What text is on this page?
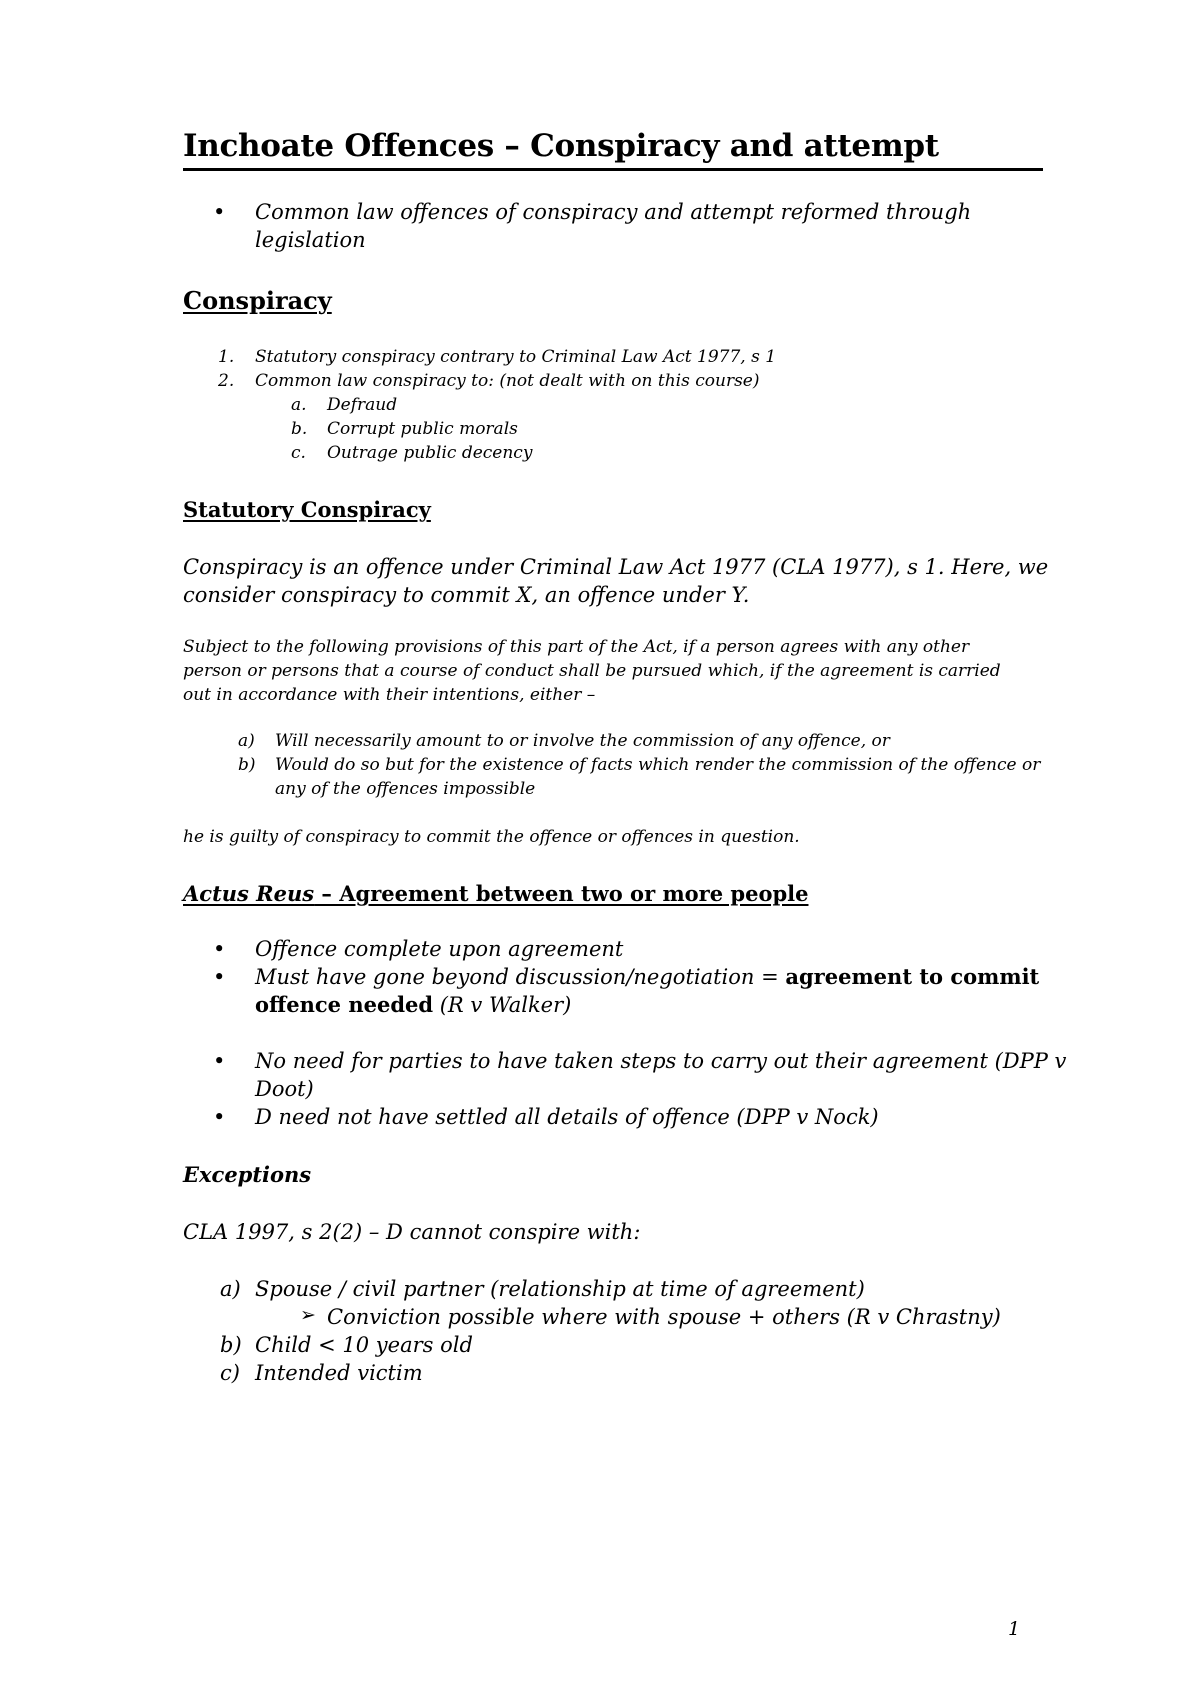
Inchoate Offences – Conspiracy and attempt
• Common law offences of conspiracy and attempt reformed through legislation
Conspiracy
1. Statutory conspiracy contrary to Criminal Law Act 1977, s 1
2. Common law conspiracy to: (not dealt with on this course)
a. Defraud
b. Corrupt public morals
c. Outrage public decency
Statutory Conspiracy
Conspiracy is an offence under Criminal Law Act 1977 (CLA 1977), s 1. Here, we
consider conspiracy to commit X, an offence under Y.
Subject to the following provisions of this part of the Act, if a person agrees with any other
person or persons that a course of conduct shall be pursued which, if the agreement is carried
out in accordance with their intentions, either –
a) Will necessarily amount to or involve the commission of any offence, or
b) Would do so but for the existence of facts which render the commission of the offence or
any of the offences impossible
he is guilty of conspiracy to commit the offence or offences in question.
Actus Reus – Agreement between two or more people
• Offence complete upon agreement
• Must have gone beyond discussion/negotiation = agreement to commit
offence needed (R v Walker)
• No need for parties to have taken steps to carry out their agreement (DPP v
Doot)
• D need not have settled all details of offence (DPP v Nock)
Exceptions
CLA 1997, s 2(2) – D cannot conspire with:
a) Spouse / civil partner (relationship at time of agreement)
➢ Conviction possible where with spouse + others (R v Chrastny)
b) Child < 10 years old
c) Intended victim
1
